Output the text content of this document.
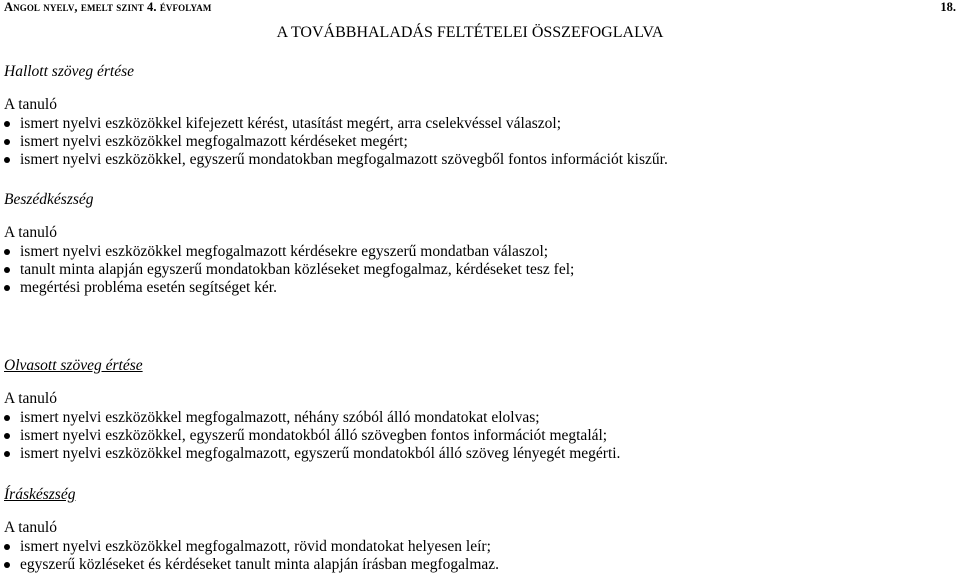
Angol nyelv, emelt szint 4. évfolyam	18.
A TOVÁBBHALADÁS FELTÉTELEI ÖSSZEFOGLALVA
Hallott szöveg értése
A tanuló
ismert nyelvi eszközökkel kifejezett kérést, utasítást megért, arra cselekvéssel válaszol;
ismert nyelvi eszközökkel megfogalmazott kérdéseket megért;
ismert nyelvi eszközökkel, egyszerű mondatokban megfogalmazott szövegből fontos információt kiszűr.
Beszédkészség
A tanuló
ismert nyelvi eszközökkel megfogalmazott kérdésekre egyszerű mondatban válaszol;
tanult minta alapján egyszerű mondatokban közléseket megfogalmaz, kérdéseket tesz fel;
megértési probléma esetén segítséget kér.
Olvasott szöveg értése
A tanuló
ismert nyelvi eszközökkel megfogalmazott, néhány szóból álló mondatokat elolvas;
ismert nyelvi eszközökkel, egyszerű mondatokból álló szövegben fontos információt megtalál;
ismert nyelvi eszközökkel megfogalmazott, egyszerű mondatokból álló szöveg lényegét megérti.
Íráskészség
A tanuló
ismert nyelvi eszközökkel megfogalmazott, rövid mondatokat helyesen leír;
egyszerű közléseket és kérdéseket tanult minta alapján írásban megfogalmaz.
